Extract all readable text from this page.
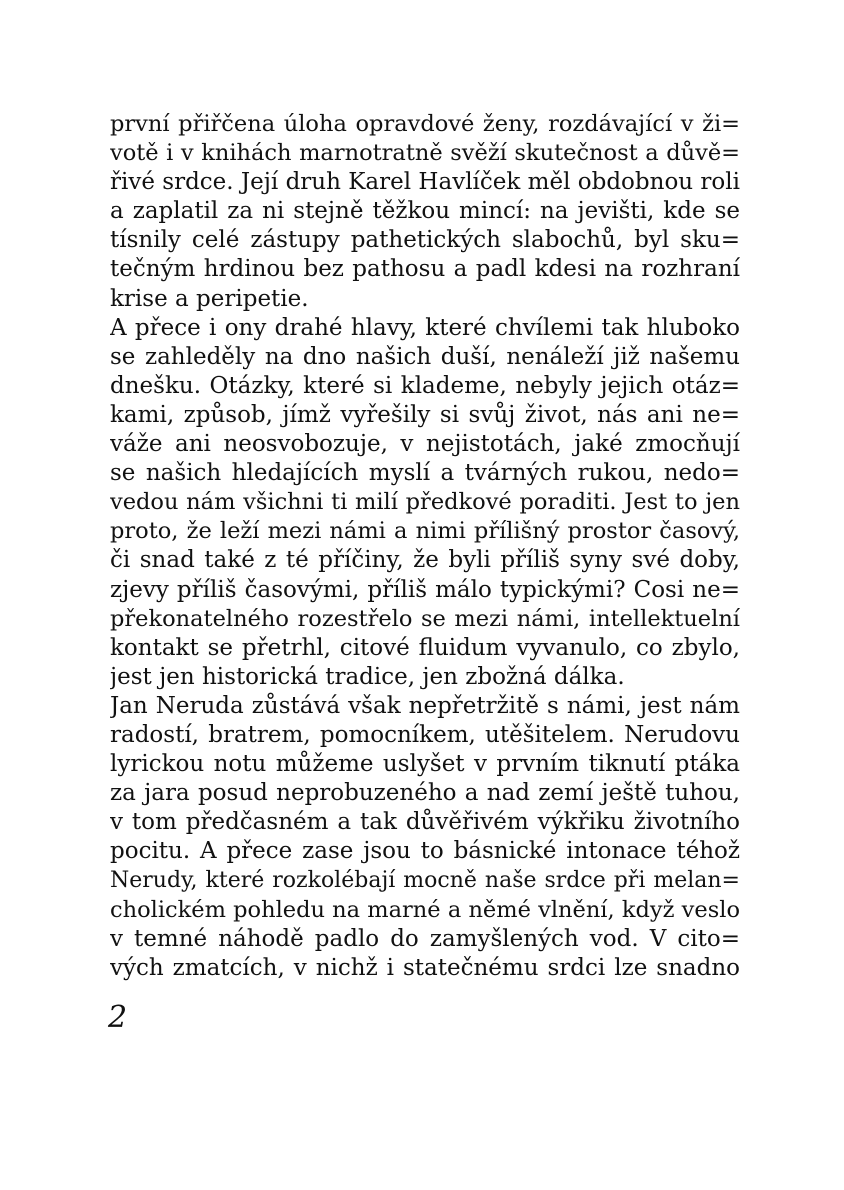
první přiřčena úloha opravdové ženy, rozdávající v ži=
votě i v knihách marnotratně svěží skutečnost a důvě=
řivé srdce. Její druh Karel Havlíček měl obdobnou roli
a zaplatil za ni stejně těžkou mincí: na jevišti, kde se
tísnily celé zástupy pathetických slabochů, byl sku=
tečným hrdinou bez pathosu a padl kdesi na rozhraní
krise a peripetie.
A přece i ony drahé hlavy, které chvílemi tak hluboko
se zahleděly na dno našich duší, nenáleží již našemu
dnešku. Otázky, které si klademe, nebyly jejich otáz=
kami, způsob, jímž vyřešily si svůj život, nás ani ne=
váže ani neosvobozuje, v nejistotách, jaké zmocňují
se našich hledajících myslí a tvárných rukou, nedo=
vedou nám všichni ti milí předkové poraditi. Jest to jen
proto, že leží mezi námi a nimi přílišný prostor časový,
či snad také z té příčiny, že byli příliš syny své doby,
zjevy příliš časovými, příliš málo typickými? Cosi ne=
překonatelného rozestřelo se mezi námi, intellektuelní
kontakt se přetrhl, citové fluidum vyvanulo, co zbylo,
jest jen historická tradice, jen zbožná dálka.
Jan Neruda zůstává však nepřetržitě s námi, jest nám
radostí, bratrem, pomocníkem, utěšitelem. Nerudovu
lyrickou notu můžeme uslyšet v prvním tiknutí ptáka
za jara posud neprobuzeného a nad zemí ještě tuhou,
v tom předčasném a tak důvěřivém výkřiku životního
pocitu. A přece zase jsou to básnické intonace téhož
Nerudy, které rozkolébají mocně naše srdce při melan=
cholickém pohledu na marné a němé vlnění, když veslo
v temné náhodě padlo do zamyšlených vod. V cito=
vých zmatcích, v nichž i statečnému srdci lze snadno
2
